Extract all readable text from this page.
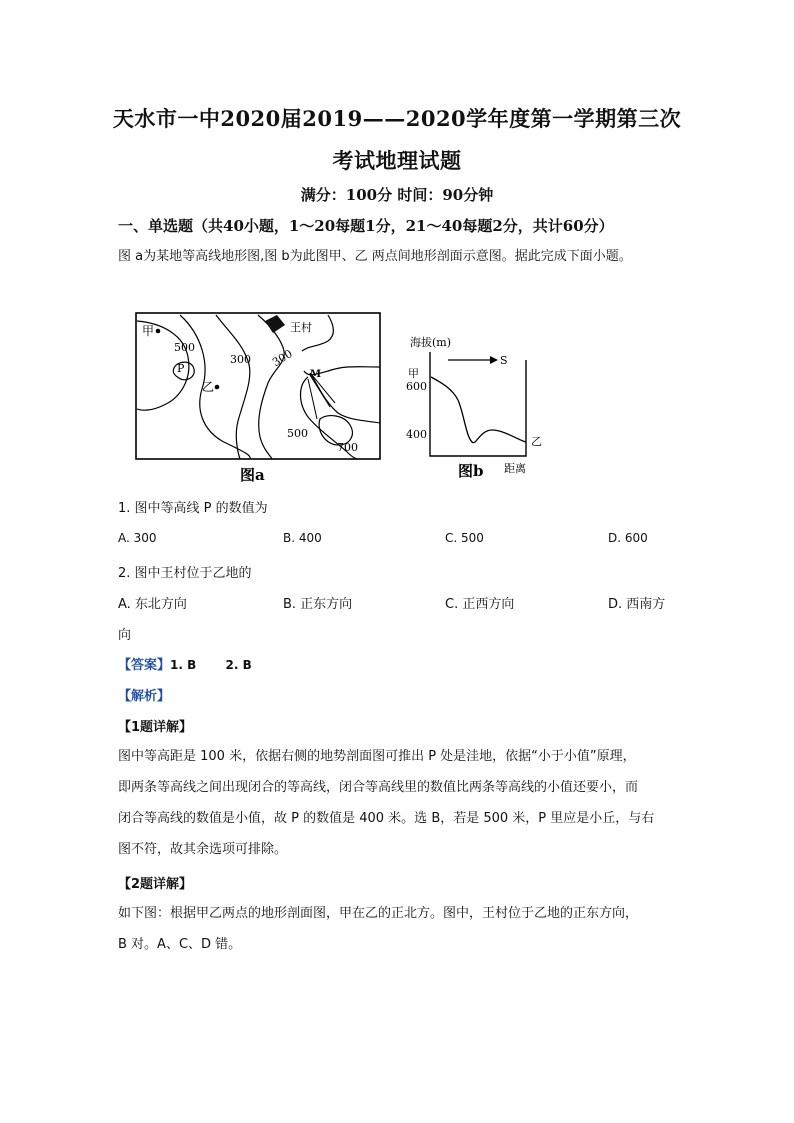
天水市一中2020届2019——2020学年度第一学期第三次
考试地理试题
满分：100分 时间：90分钟
一、单选题（共40小题，1～20每题1分，21～40每题2分，共计60分）
图 a为某地等高线地形图,图 b为此图甲、乙 两点间地形剖面示意图。据此完成下面小题。
甲
乙
P
500
300 300
王村
M
500
700
图a
海拔(m)
S
甲
600
400
乙
图b 距离
1. 图中等高线 P 的数值为
A. 300	B. 400	C. 500	D. 600
2. 图中王村位于乙地的
A. 东北方向	B. 正东方向	C. 正西方向	D. 西南方
向
【答案】1. B       2. B
【解析】
【1题详解】
图中等高距是 100 米，依据右侧的地势剖面图可推出 P 处是洼地，依据“小于小值”原理，
即两条等高线之间出现闭合的等高线，闭合等高线里的数值比两条等高线的小值还要小，而
闭合等高线的数值是小值，故 P 的数值是 400 米。选 B，若是 500 米，P 里应是小丘，与右
图不符，故其余选项可排除。
【2题详解】
如下图：根据甲乙两点的地形剖面图，甲在乙的正北方。图中，王村位于乙地的正东方向，
B 对。A、C、D 错。
